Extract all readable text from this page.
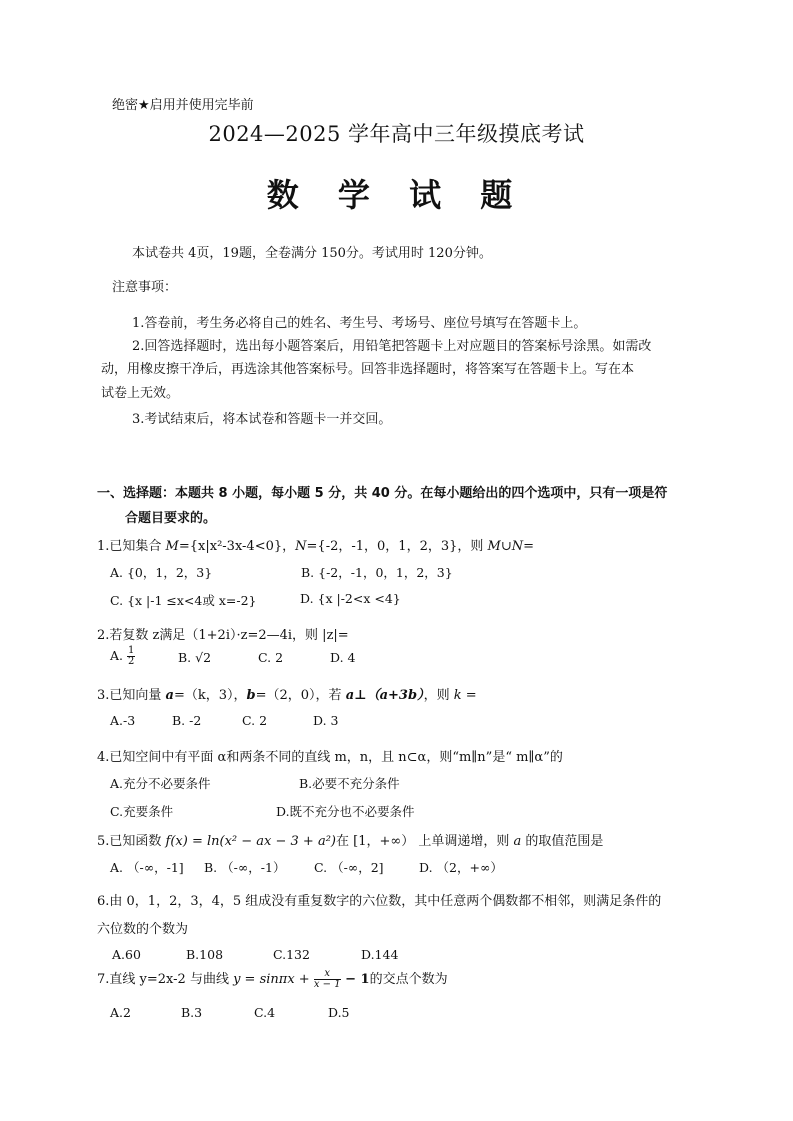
绝密★启用并使用完毕前
2024—2025 学年高中三年级摸底考试
数 学 试 题
本试卷共 4页，19题，全卷满分 150分。考试用时 120分钟。
注意事项：
1.答卷前，考生务必将自己的姓名、考生号、考场号、座位号填写在答题卡上。
2.回答选择题时，选出每小题答案后，用铅笔把答题卡上对应题目的答案标号涂黑。如需改
动，用橡皮擦干净后，再选涂其他答案标号。回答非选择题时，将答案写在答题卡上。写在本
试卷上无效。
3.考试结束后，将本试卷和答题卡一并交回。
一、选择题：本题共 8 小题，每小题 5 分，共 40 分。在每小题给出的四个选项中，只有一项是符
合题目要求的。
1.已知集合 M={x|x²-3x-4<0}，N={-2，-1，0，1，2，3}，则 M∪N=
A. {0，1，2，3}	B. {-2，-1，0，1，2，3}
C. {x |-1 ≤x<4或 x=-2}	D. {x |-2<x <4}
2.若复数 z满足（1+2i）·z=2—4i，则 |z|=
A. $\frac{1}{2}$	B. √2	C. 2	D. 4
3.已知向量 a=（k，3），b=（2，0），若 a⊥（a+3b），则 k =
A.-3	B. -2	C. 2	D. 3
4.已知空间中有平面 α和两条不同的直线 m，n，且 n⊂α，则“m∥n”是“ m∥α”的
A.充分不必要条件	B.必要不充分条件
C.充要条件	D.既不充分也不必要条件
5.已知函数 f(x) = ln(x² − ax − 3 + a²)在 [1，+∞） 上单调递增，则 a 的取值范围是
A. （-∞，-1] B. （-∞，-1） C. （-∞，2]	D. （2，+∞）
6.由 0，1，2，3，4，5 组成没有重复数字的六位数，其中任意两个偶数都不相邻，则满足条件的
六位数的个数为
A.60	B.108	C.132	D.144
7.直线 y=2x-2 与曲线 $y = \sin\pi x + \frac{x}{x - 1} - 1$的交点个数为
A.2	B.3	C.4	D.5
